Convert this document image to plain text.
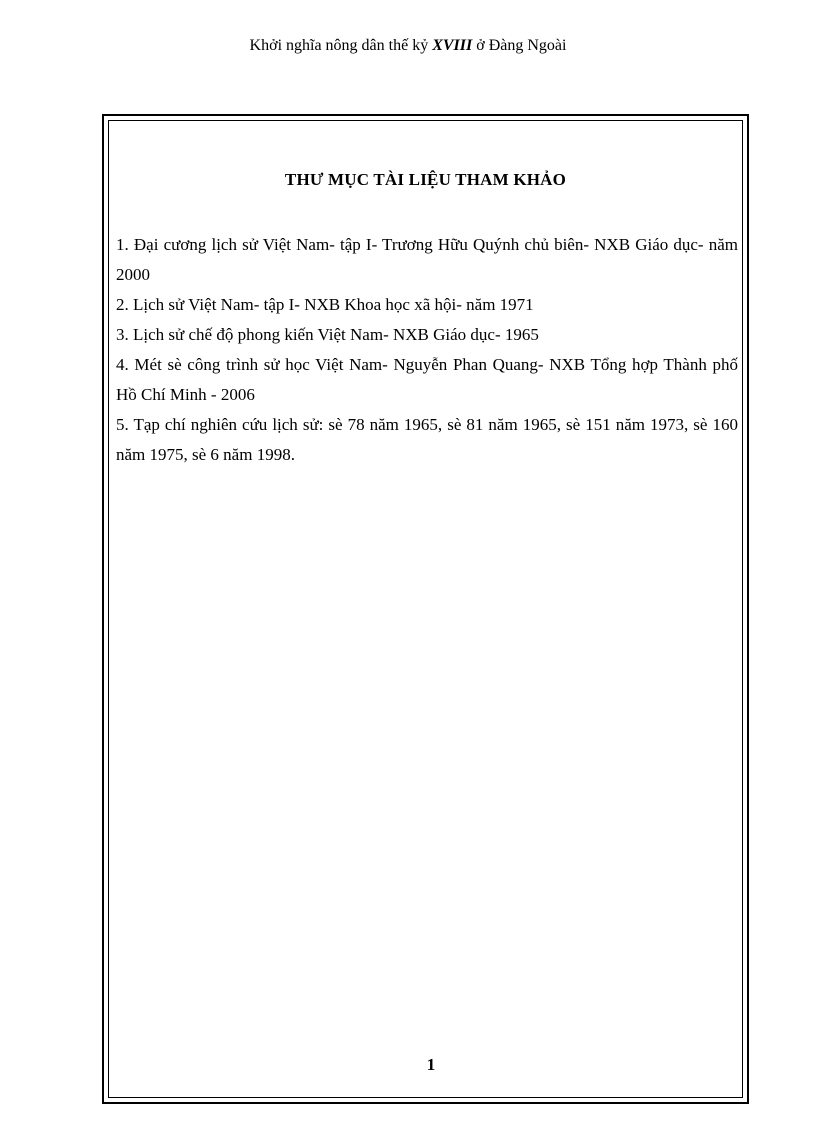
Khởi nghĩa nông dân thế kỷ XVIII ở Đàng Ngoài
THƯ MỤC TÀI LIỆU THAM KHẢO

1. Đại cương lịch sử Việt Nam- tập I- Trương Hữu Quýnh chủ biên- NXB Giáo dục- năm 2000

2. Lịch sử Việt Nam- tập I- NXB Khoa học xã hội- năm 1971

3. Lịch sử chế độ phong kiến Việt Nam- NXB Giáo dục- 1965

4. Mét sè công trình sử học Việt Nam- Nguyễn Phan Quang- NXB Tổng hợp Thành phố Hồ Chí Minh - 2006

5. Tạp chí nghiên cứu lịch sử: sè 78 năm 1965, sè 81 năm 1965, sè 151 năm 1973, sè 160 năm 1975, sè 6 năm 1998.

1
